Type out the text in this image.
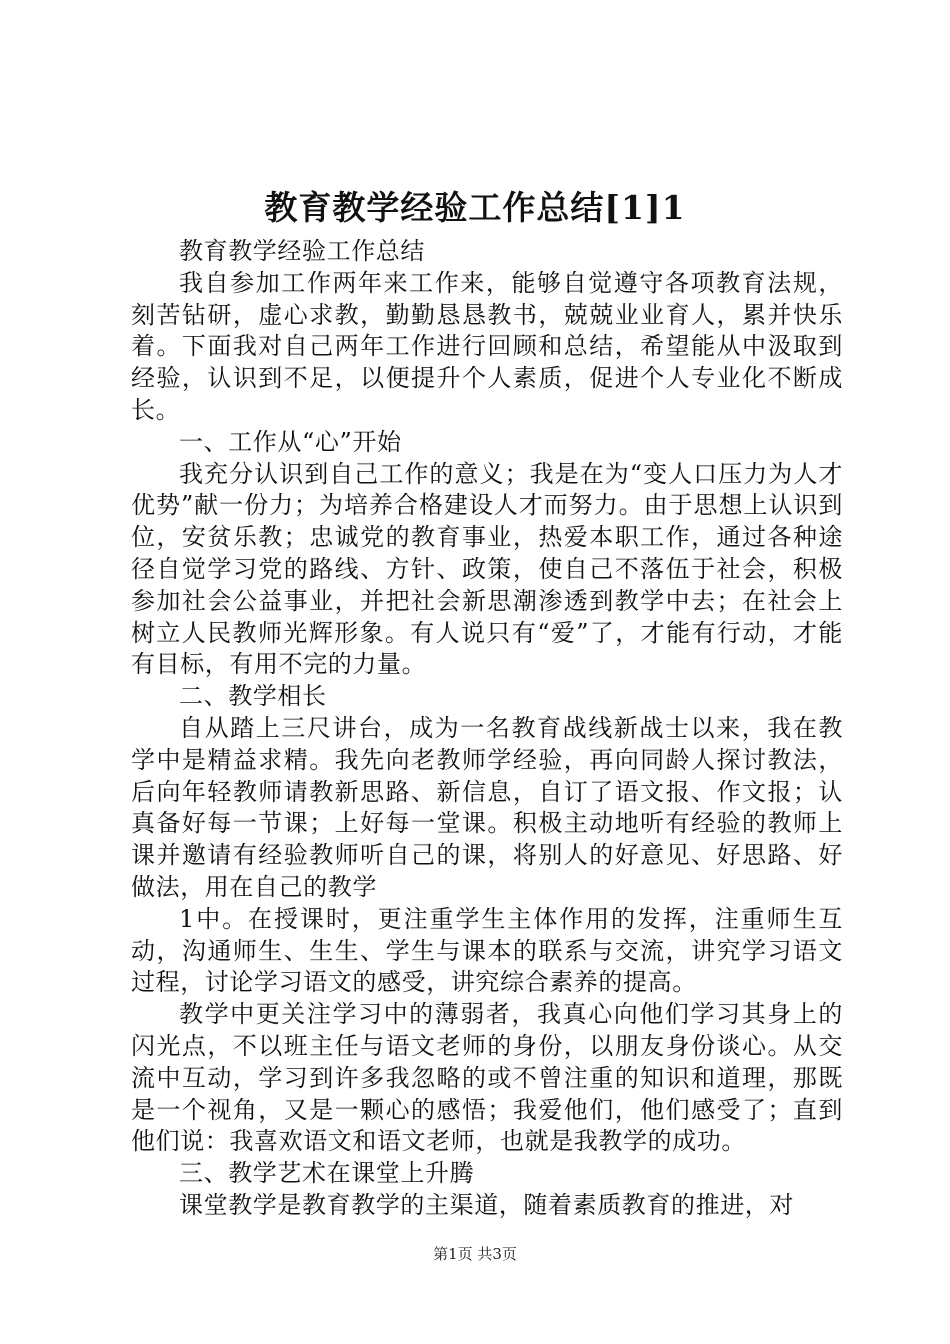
教育教学经验工作总结[1]1

教育教学经验工作总结

我自参加工作两年来工作来，能够自觉遵守各项教育法规，刻苦钻研，虚心求教，勤勤恳恳教书，兢兢业业育人，累并快乐着。下面我对自己两年工作进行回顾和总结，希望能从中汲取到经验，认识到不足，以便提升个人素质，促进个人专业化不断成长。

一、工作从“心”开始

我充分认识到自己工作的意义；我是在为“变人口压力为人才优势”献一份力；为培养合格建设人才而努力。由于思想上认识到位，安贫乐教；忠诚党的教育事业，热爱本职工作，通过各种途径自觉学习党的路线、方针、政策，使自己不落伍于社会，积极参加社会公益事业，并把社会新思潮渗透到教学中去；在社会上树立人民教师光辉形象。有人说只有“爱”了，才能有行动，才能有目标，有用不完的力量。

二、教学相长

自从踏上三尺讲台，成为一名教育战线新战士以来，我在教学中是精益求精。我先向老教师学经验，再向同龄人探讨教法，后向年轻教师请教新思路、新信息，自订了语文报、作文报；认真备好每一节课；上好每一堂课。积极主动地听有经验的教师上课并邀请有经验教师听自己的课，将别人的好意见、好思路、好做法，用在自己的教学

1中。在授课时，更注重学生主体作用的发挥，注重师生互动，沟通师生、生生、学生与课本的联系与交流，讲究学习语文过程，讨论学习语文的感受，讲究综合素养的提高。

教学中更关注学习中的薄弱者，我真心向他们学习其身上的闪光点，不以班主任与语文老师的身份，以朋友身份谈心。从交流中互动，学习到许多我忽略的或不曾注重的知识和道理，那既是一个视角，又是一颗心的感悟；我爱他们，他们感受了；直到他们说：我喜欢语文和语文老师，也就是我教学的成功。

三、教学艺术在课堂上升腾

课堂教学是教育教学的主渠道，随着素质教育的推进，对

第1页 共3页
